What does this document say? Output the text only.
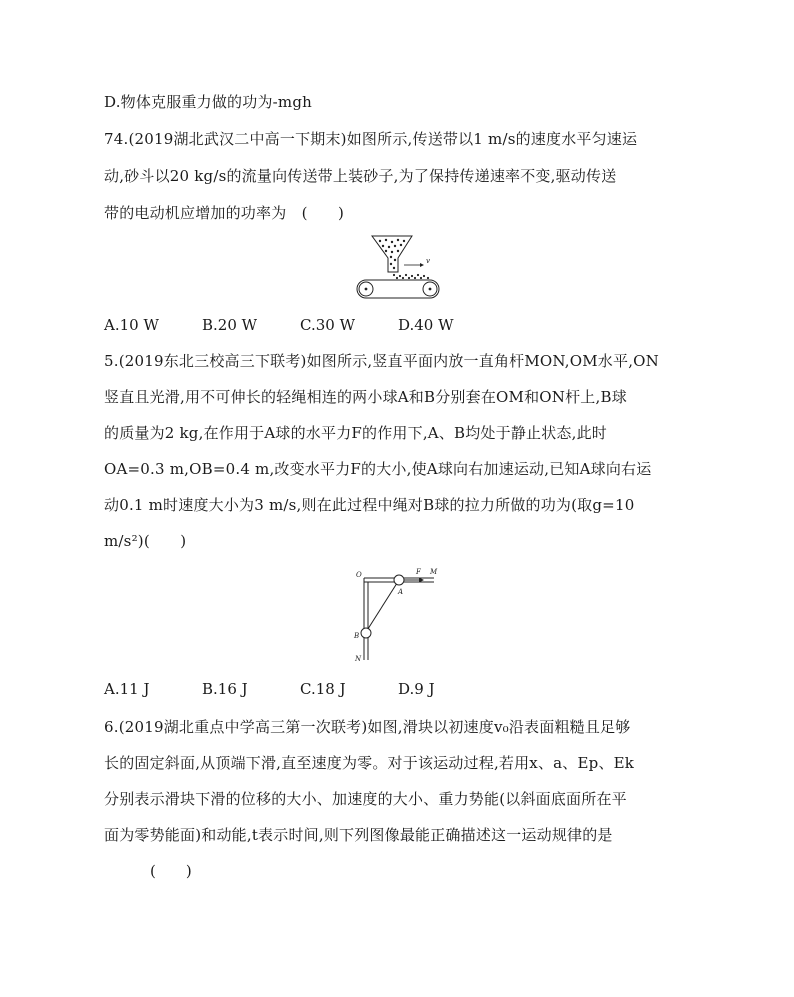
D.物体克服重力做的功为-mgh
74.(2019湖北武汉二中高一下期末)如图所示,传送带以1 m/s的速度水平匀速运
动,砂斗以20 kg/s的流量向传送带上装砂子,为了保持传递速率不变,驱动传送
带的电动机应增加的功率为　(　　)
v
A.10 W	B.20 W	C.30 W	D.40 W
5.(2019东北三校高三下联考)如图所示,竖直平面内放一直角杆MON,OM水平,ON
竖直且光滑,用不可伸长的轻绳相连的两小球A和B分别套在OM和ON杆上,B球
的质量为2 kg,在作用于A球的水平力F的作用下,A、B均处于静止状态,此时
OA=0.3 m,OB=0.4 m,改变水平力F的大小,使A球向右加速运动,已知A球向右运
动0.1 m时速度大小为3 m/s,则在此过程中绳对B球的拉力所做的功为(取g=10
m/s²)(　　)
O	F M
A
B
N
A.11 J	B.16 J	C.18 J	D.9 J
6.(2019湖北重点中学高三第一次联考)如图,滑块以初速度v₀沿表面粗糙且足够
长的固定斜面,从顶端下滑,直至速度为零。对于该运动过程,若用x、a、Ep、Ek
分别表示滑块下滑的位移的大小、加速度的大小、重力势能(以斜面底面所在平
面为零势能面)和动能,t表示时间,则下列图像最能正确描述这一运动规律的是
(　　)
